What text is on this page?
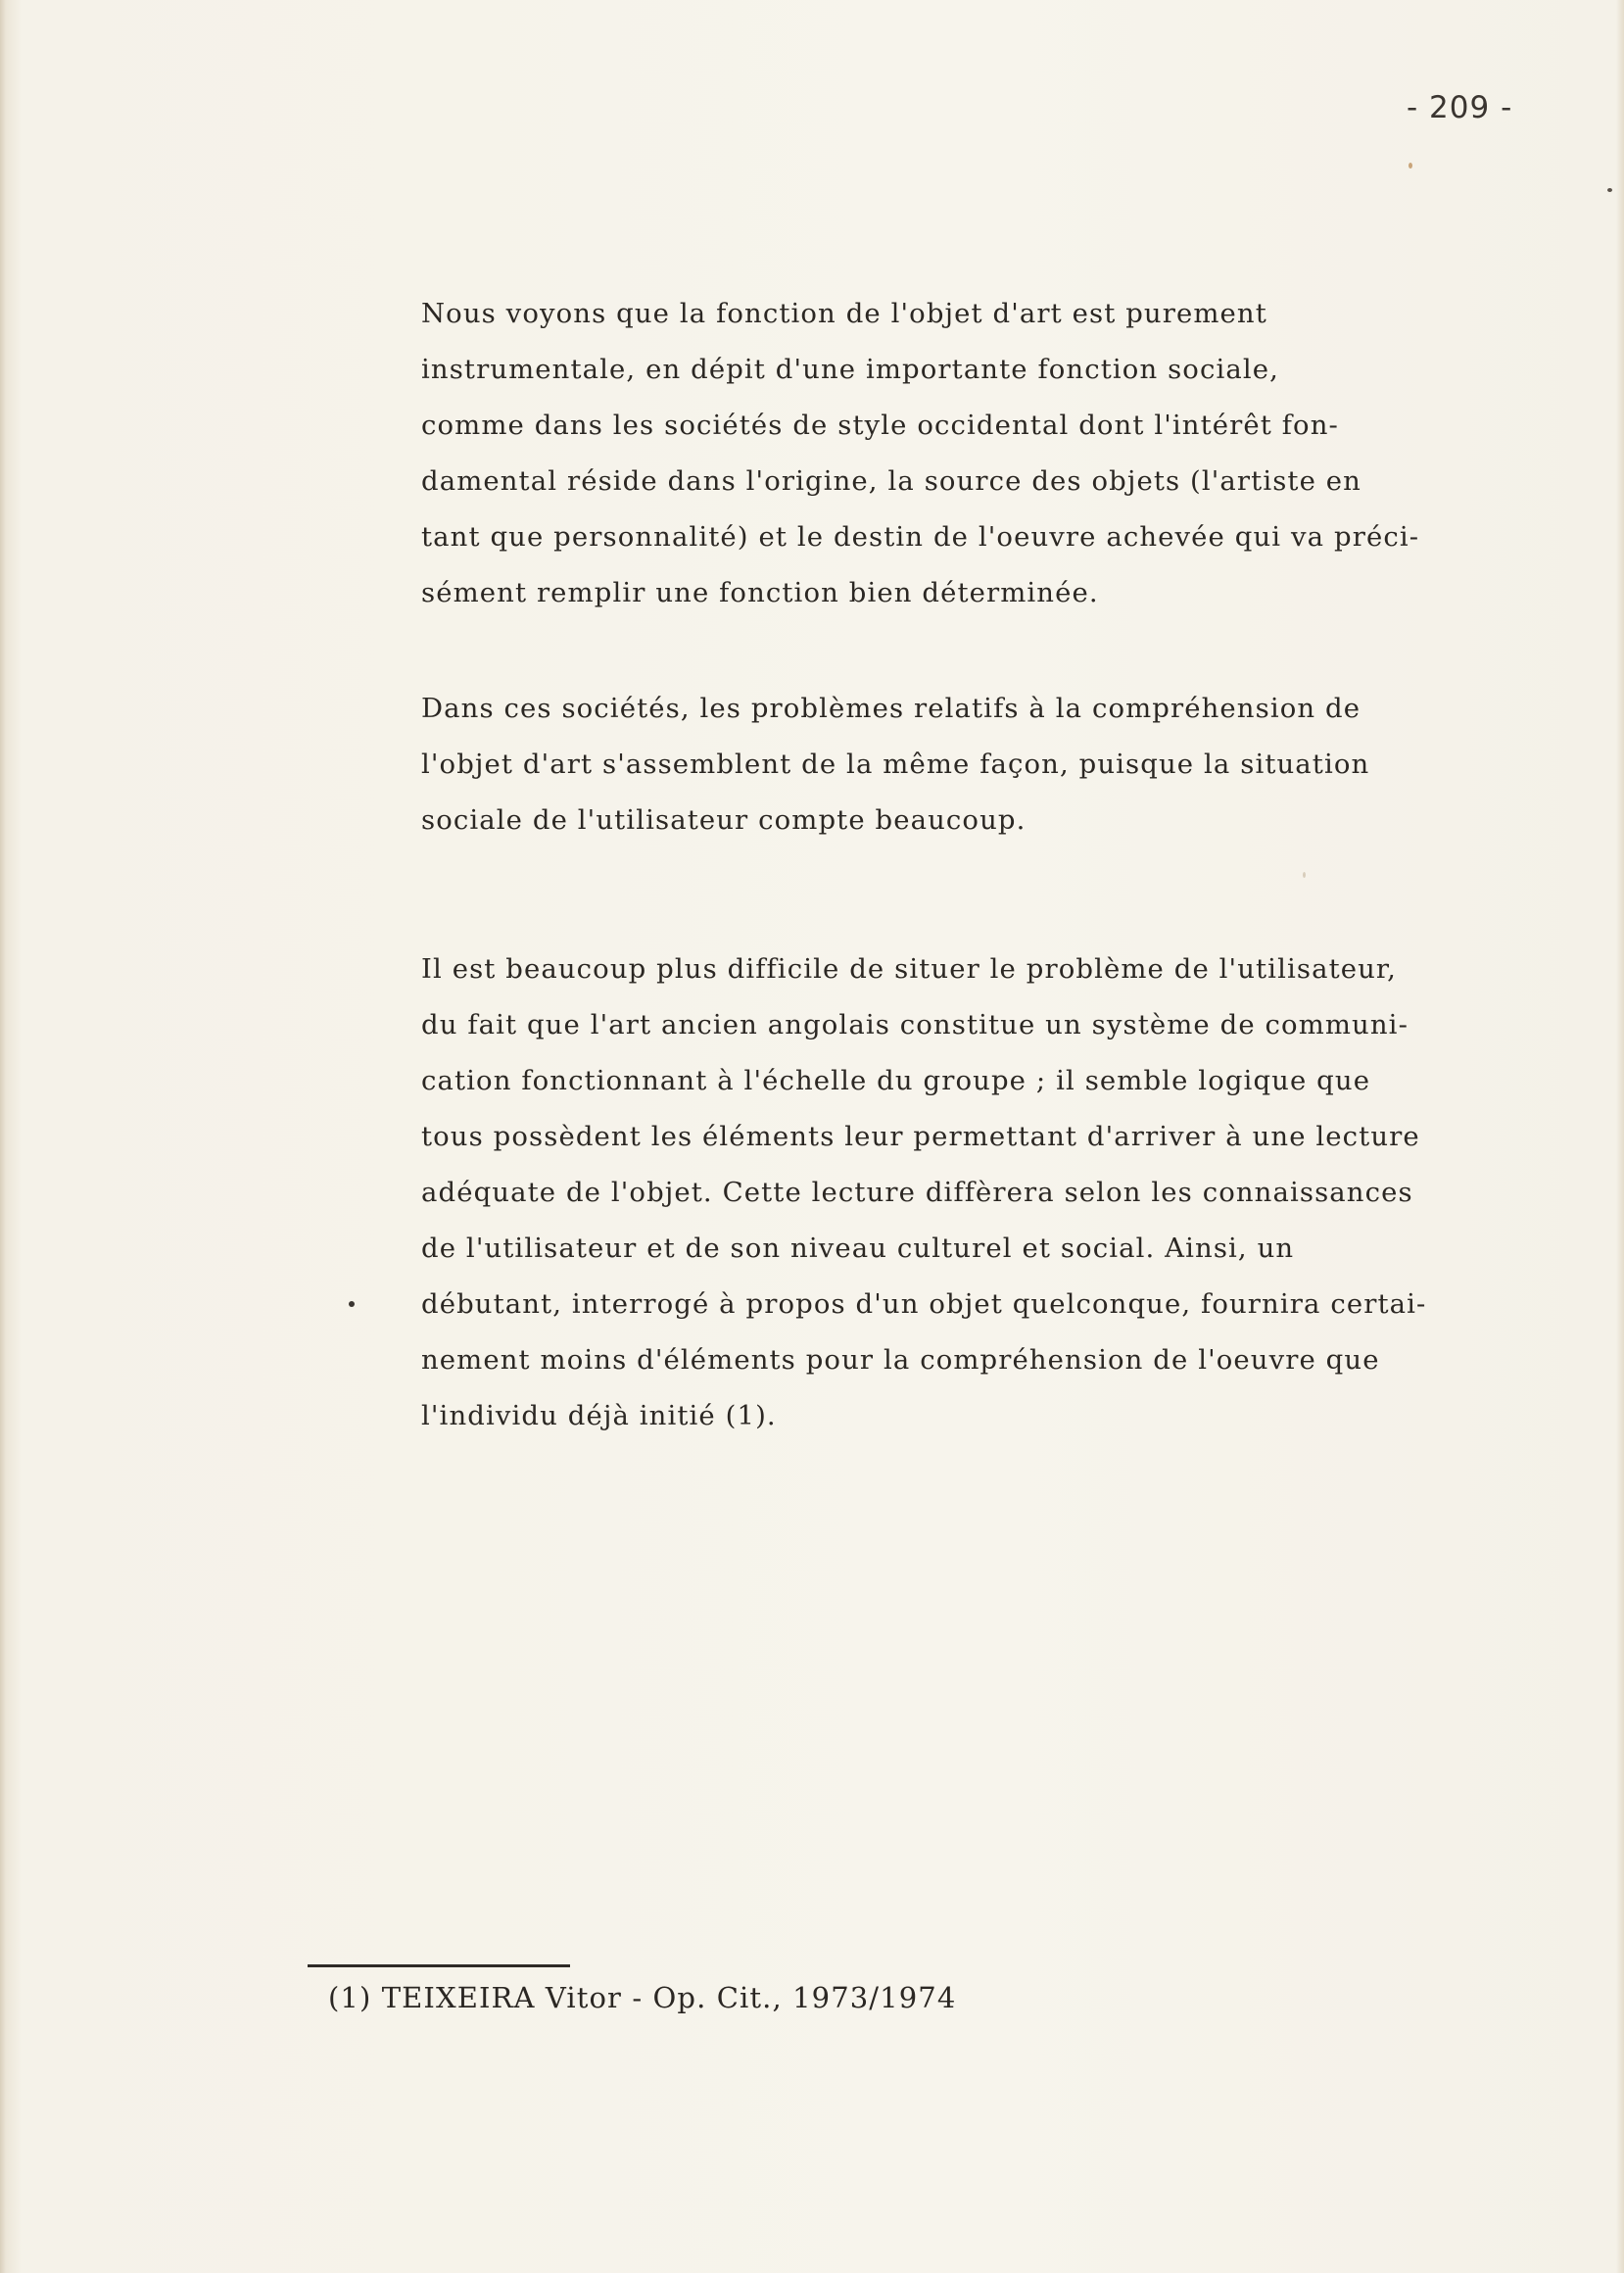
- 209 -
Nous voyons que la fonction de l'objet d'art est purement
instrumentale, en dépit d'une importante fonction sociale,
comme dans les sociétés de style occidental dont l'intérêt fon-
damental réside dans l'origine, la source des objets (l'artiste en
tant que personnalité) et le destin de l'oeuvre achevée qui va préci-
sément remplir une fonction bien déterminée.
Dans ces sociétés, les problèmes relatifs à la compréhension de
l'objet d'art s'assemblent de la même façon, puisque la situation
sociale de l'utilisateur compte beaucoup.
Il est beaucoup plus difficile de situer le problème de l'utilisateur,
du fait que l'art ancien angolais constitue un système de communi-
cation fonctionnant à l'échelle du groupe ; il semble logique que
tous possèdent les éléments leur permettant d'arriver à une lecture
adéquate de l'objet. Cette lecture diffèrera selon les connaissances
de l'utilisateur et de son niveau culturel et social. Ainsi, un
débutant, interrogé à propos d'un objet quelconque, fournira certai-
nement moins d'éléments pour la compréhension de l'oeuvre que
l'individu déjà initié (1).
(1) TEIXEIRA Vitor - Op. Cit., 1973/1974
